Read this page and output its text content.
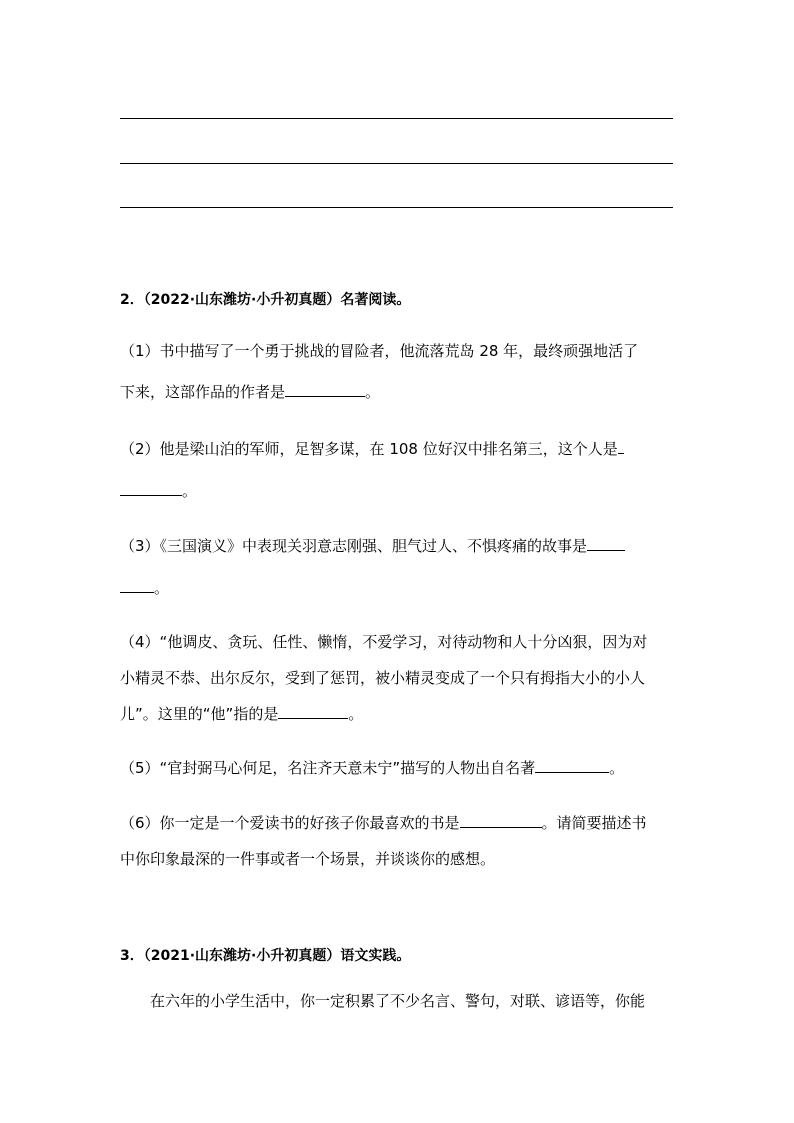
2．（2022·山东潍坊·小升初真题）名著阅读。
（1）书中描写了一个勇于挑战的冒险者，他流落荒岛 28 年，最终顽强地活了
下来，这部作品的作者是	。
（2）他是梁山泊的军师，足智多谋，在 108 位好汉中排名第三，这个人是
。
（3）《三国演义》中表现关羽意志刚强、胆气过人、不惧疼痛的故事是
。
（4）“他调皮、贪玩、任性、懒惰，不爱学习，对待动物和人十分凶狠，因为对
小精灵不恭、出尔反尔，受到了惩罚，被小精灵变成了一个只有拇指大小的小人
儿”。这里的“他”指的是	。
（5）“官封弼马心何足，名注齐天意未宁”描写的人物出自名著	。
（6）你一定是一个爱读书的好孩子你最喜欢的书是	。请简要描述书
中你印象最深的一件事或者一个场景，并谈谈你的感想。
3．（2021·山东潍坊·小升初真题）语文实践。
在六年的小学生活中，你一定积累了不少名言、警句，对联、谚语等，你能
